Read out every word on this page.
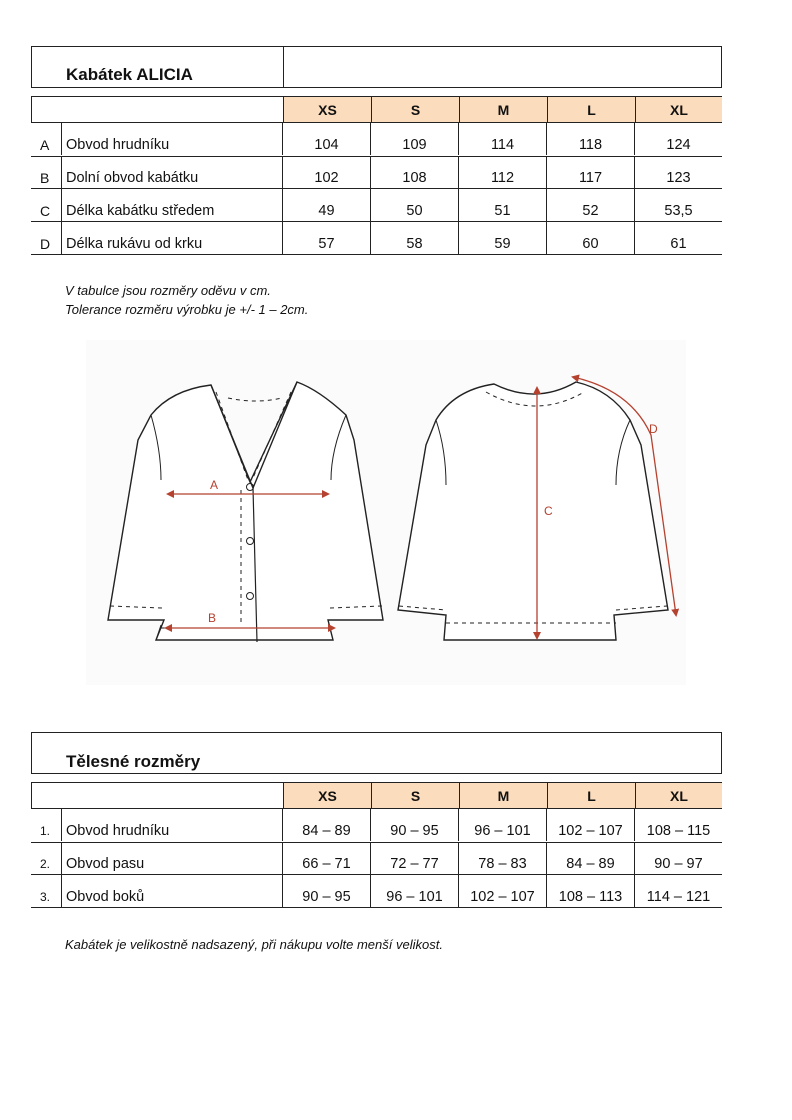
Kabátek ALICIA
XS	S	M	L	XL
A	Obvod hrudníku	104	109	114	118	124
B	Dolní obvod kabátku	102	108	112	117	123
C	Délka kabátku středem	49	50	51	52	53,5
D	Délka rukávu od krku	57	58	59	60	61
V tabulce jsou rozměry oděvu v cm.
Tolerance rozměru výrobku je +/- 1 – 2cm.
A
B
C
D
Tělesné rozměry
XS	S	M	L	XL
1.	Obvod hrudníku	84 – 89	90 – 95	96 – 101	102 – 107	108 – 115
2.	Obvod pasu	66 – 71	72 – 77	78 – 83	84 – 89	90 – 97
3.	Obvod boků	90 – 95	96 – 101	102 – 107	108 – 113	114 – 121
Kabátek je velikostně nadsazený, při nákupu volte menší velikost.
